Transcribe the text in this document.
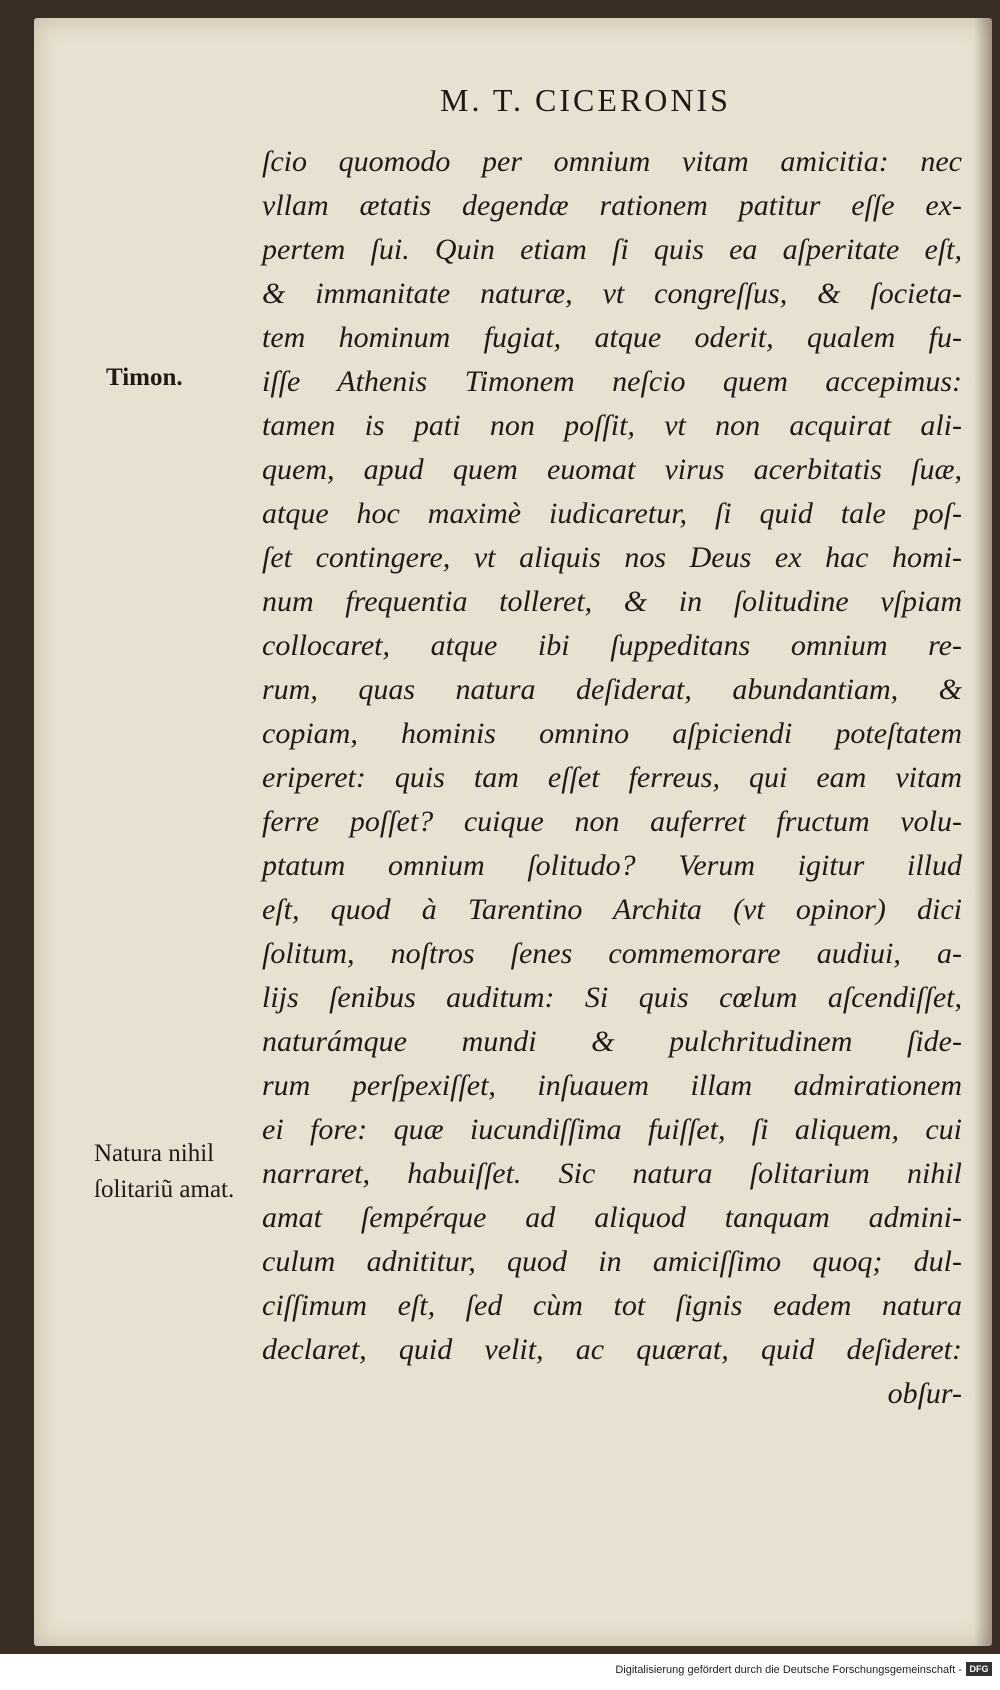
M. T. CICERONIS
Timon.
Natura nihil
ſolitariũ amat.
ſcio quomodo per omnium vitam amicitia: nec
vllam ætatis degendæ rationem patitur eſſe ex-
pertem ſui. Quin etiam ſi quis ea aſperitate eſt,
& immanitate naturæ, vt congreſſus, & ſocieta-
tem hominum fugiat, atque oderit, qualem fu-
iſſe Athenis Timonem neſcio quem accepimus:
tamen is pati non poſſit, vt non acquirat ali-
quem, apud quem euomat virus acerbitatis ſuæ,
atque hoc maximè iudicaretur, ſi quid tale poſ-
ſet contingere, vt aliquis nos Deus ex hac homi-
num frequentia tolleret, & in ſolitudine vſpiam
collocaret, atque ibi ſuppeditans omnium re-
rum, quas natura deſiderat, abundantiam, &
copiam, hominis omnino aſpiciendi poteſtatem
eriperet: quis tam eſſet ferreus, qui eam vitam
ferre poſſet? cuique non auferret fructum volu-
ptatum omnium ſolitudo? Verum igitur illud
eſt, quod à Tarentino Archita (vt opinor) dici
ſolitum, noſtros ſenes commemorare audiui, a-
lijs ſenibus auditum: Si quis cœlum aſcendiſſet,
naturámque mundi & pulchritudinem ſide-
rum perſpexiſſet, inſuauem illam admirationem
ei fore: quæ iucundiſſima fuiſſet, ſi aliquem, cui
narraret, habuiſſet. Sic natura ſolitarium nihil
amat ſempérque ad aliquod tanquam admini-
culum adnititur, quod in amiciſſimo quoq; dul-
ciſſimum eſt, ſed cùm tot ſignis eadem natura
declaret, quid velit, ac quærat, quid deſideret:
obſur-
Digitalisierung gefördert durch die Deutsche Forschungsgemeinschaft - DFG
